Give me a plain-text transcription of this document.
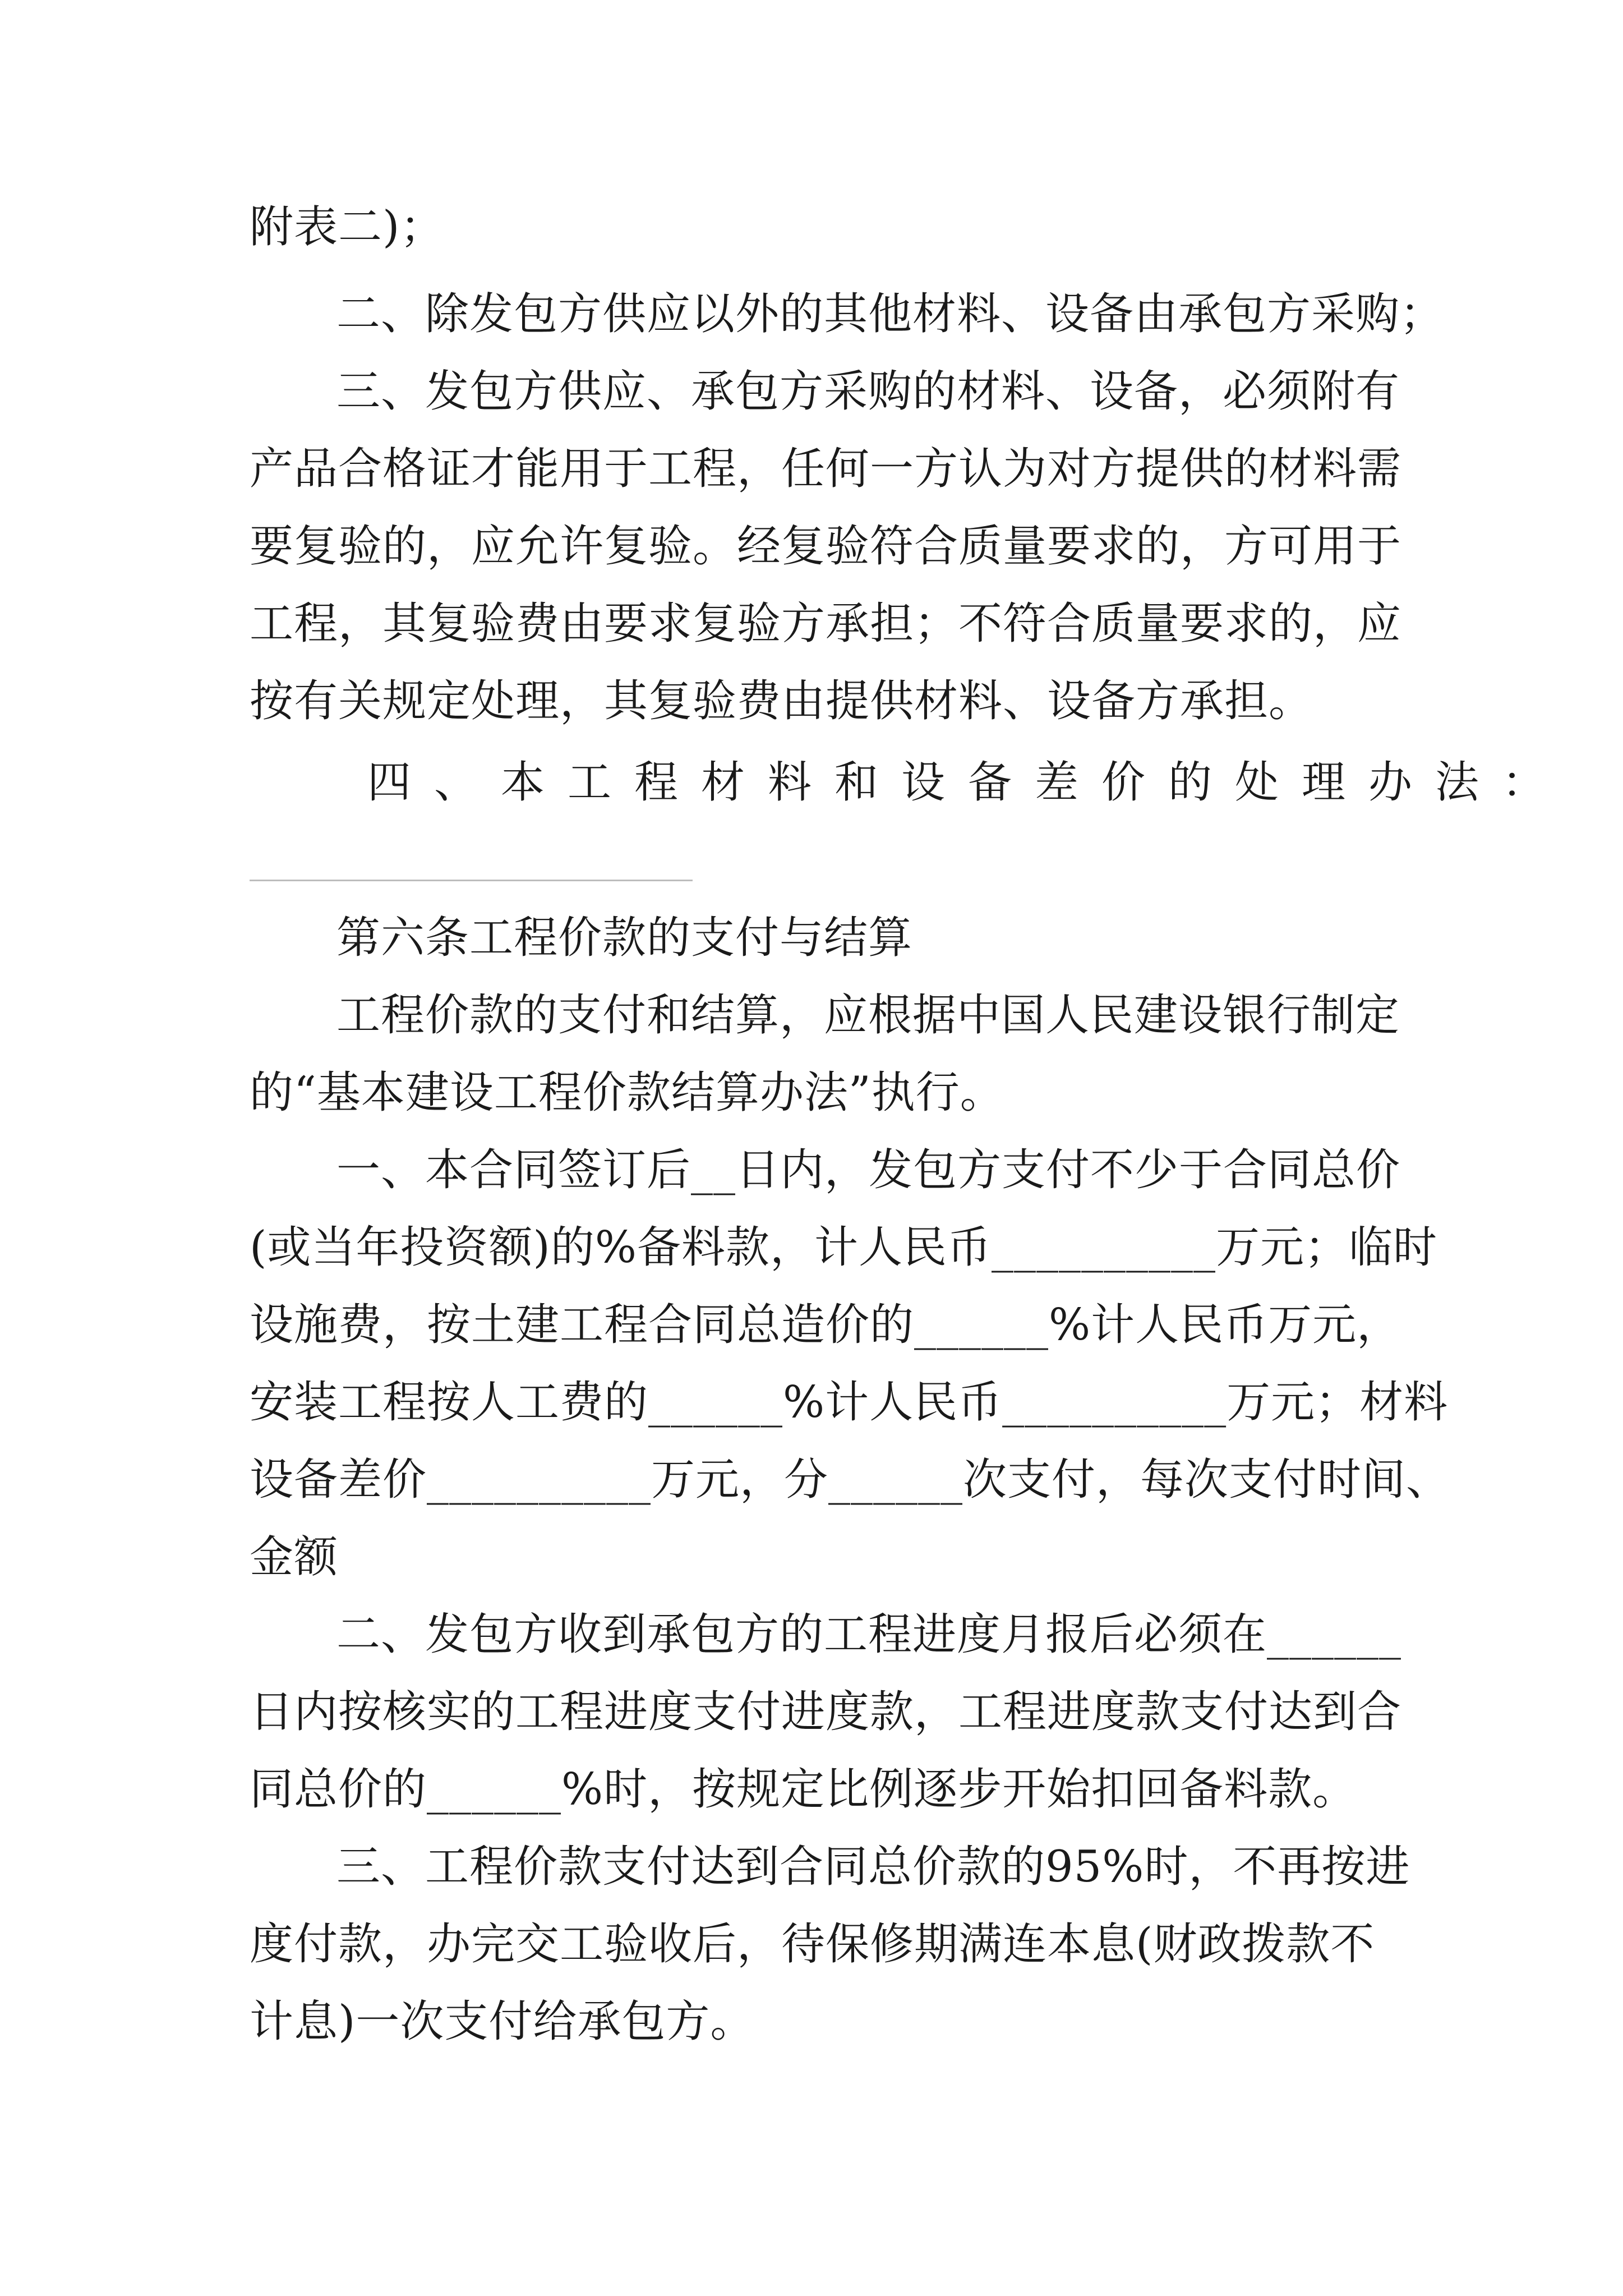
附表二)；
二、除发包方供应以外的其他材料、设备由承包方采购；
三、发包方供应、承包方采购的材料、设备，必须附有
产品合格证才能用于工程，任何一方认为对方提供的材料需
要复验的，应允许复验。经复验符合质量要求的，方可用于
工程，其复验费由要求复验方承担；不符合质量要求的，应
按有关规定处理，其复验费由提供材料、设备方承担。
四、本工程材料和设备差价的处理办法：
第六条工程价款的支付与结算
工程价款的支付和结算，应根据中国人民建设银行制定
的“基本建设工程价款结算办法”执行。
一、本合同签订后__日内，发包方支付不少于合同总价
(或当年投资额)的%备料款，计人民币__________万元；临时
设施费，按土建工程合同总造价的______%计人民币万元，
安装工程按人工费的______%计人民币__________万元；材料
设备差价__________万元，分______次支付，每次支付时间、
金额
二、发包方收到承包方的工程进度月报后必须在______
日内按核实的工程进度支付进度款，工程进度款支付达到合
同总价的______%时，按规定比例逐步开始扣回备料款。
三、工程价款支付达到合同总价款的95%时，不再按进
度付款，办完交工验收后，待保修期满连本息(财政拨款不
计息)一次支付给承包方。
